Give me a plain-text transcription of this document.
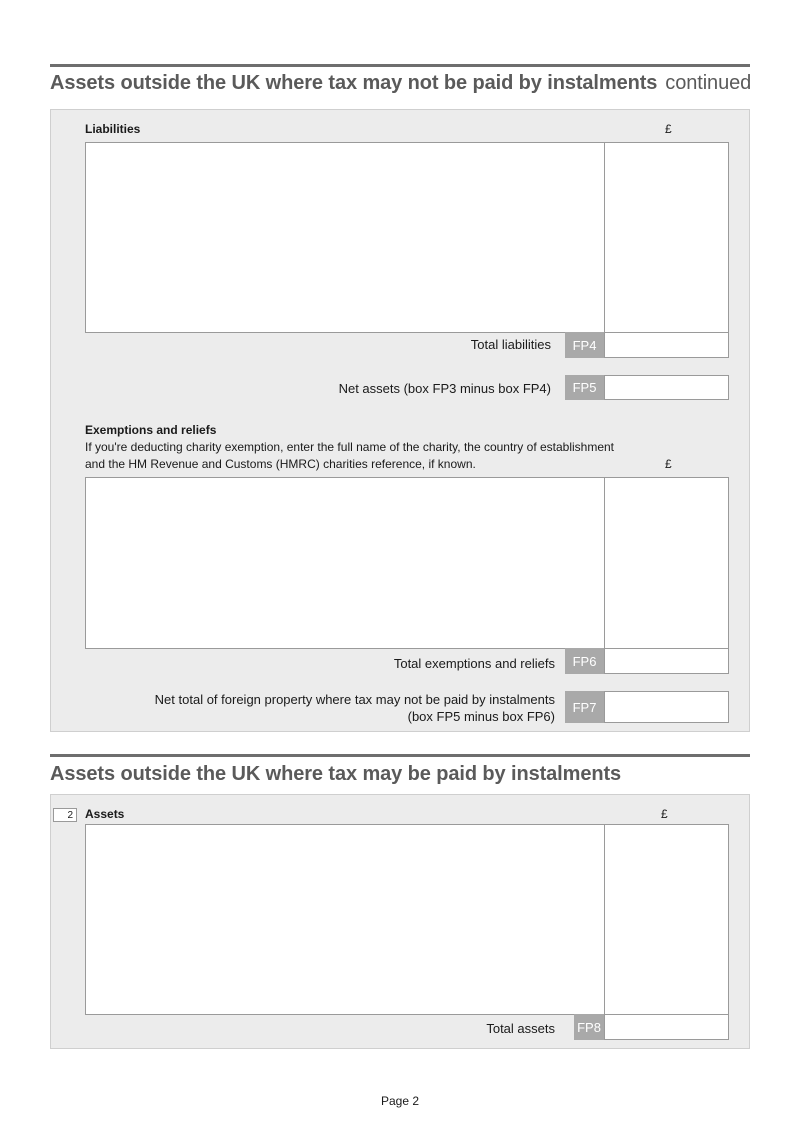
Assets outside the UK where tax may not be paid by instalments continued
Liabilities	£
Total liabilities	FP4
Net assets (box FP3 minus box FP4)	FP5
Exemptions and reliefs
If you're deducting charity exemption, enter the full name of the charity, the country of establishment
and the HM Revenue and Customs (HMRC) charities reference, if known.	£
Total exemptions and reliefs	FP6
Net total of foreign property where tax may not be paid by instalments
(box FP5 minus box FP6)
FP7
Assets outside the UK where tax may be paid by instalments
2	Assets	£
Total assets FP8
Page 2
